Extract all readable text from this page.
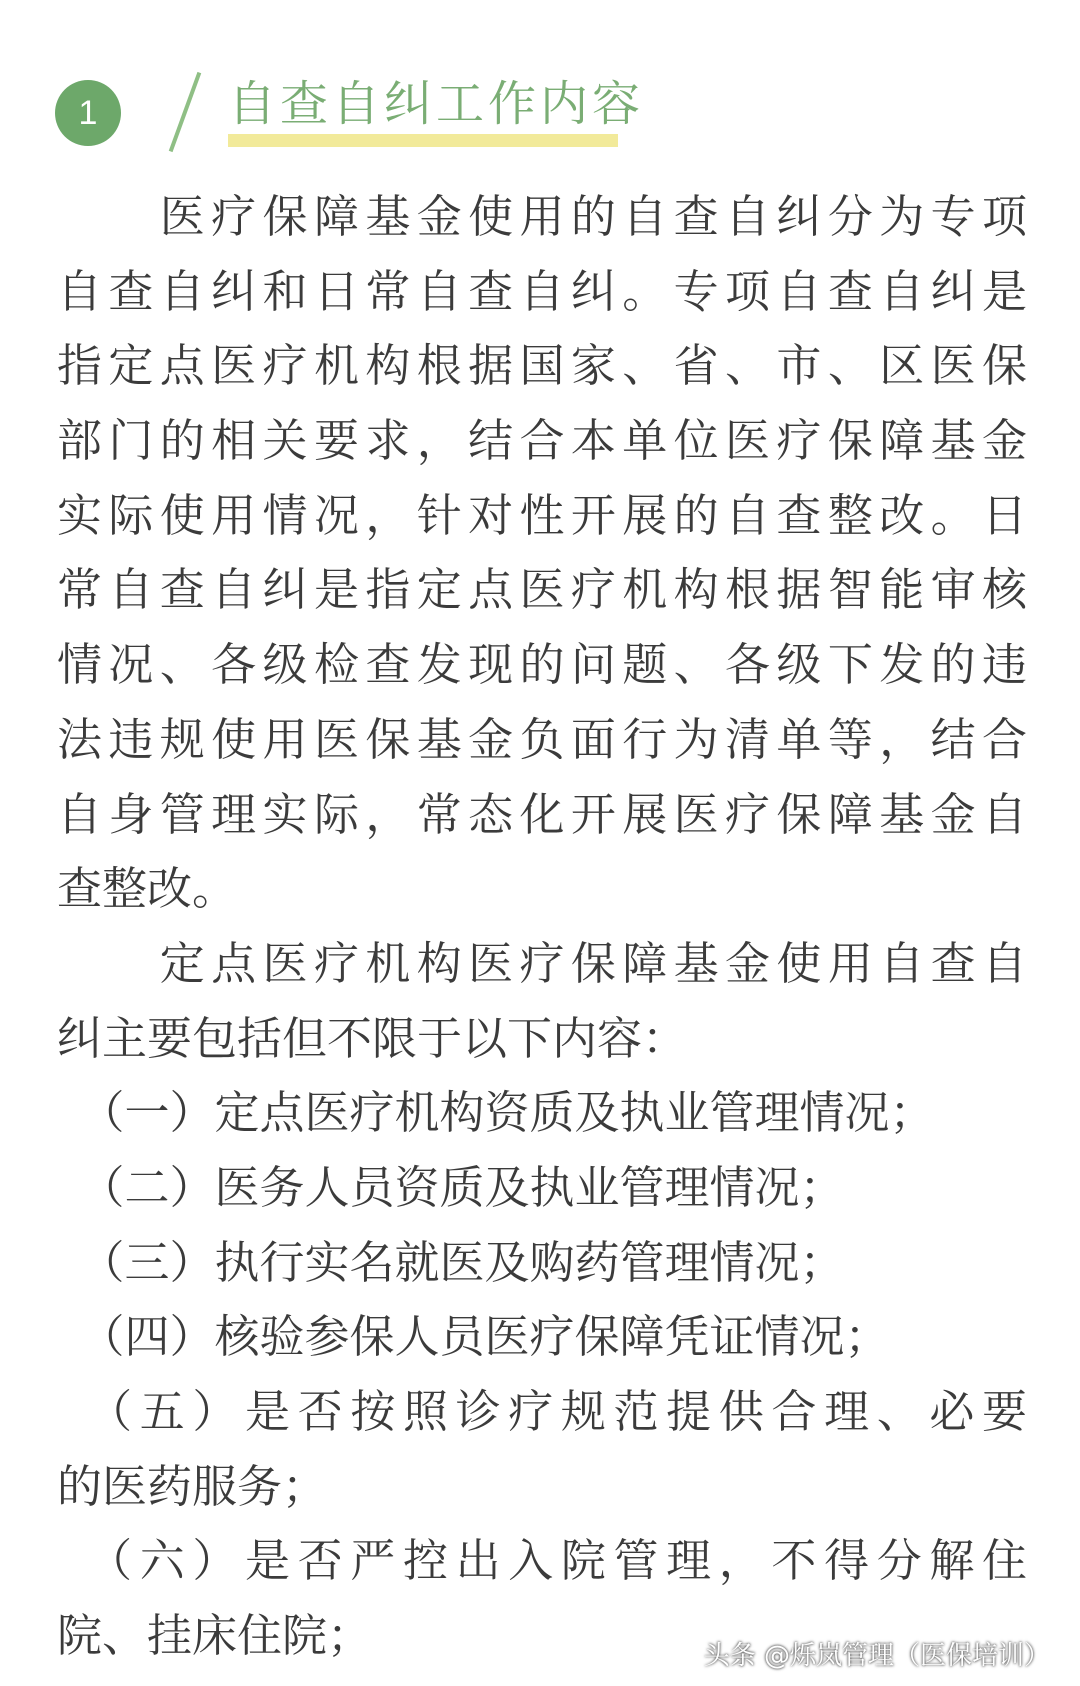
1	自查自纠工作内容
　　医疗保障基金使用的自查自纠分为专项
自查自纠和日常自查自纠。专项自查自纠是
指定点医疗机构根据国家、省、市、区医保
部门的相关要求，结合本单位医疗保障基金
实际使用情况，针对性开展的自查整改。日
常自查自纠是指定点医疗机构根据智能审核
情况、各级检查发现的问题、各级下发的违
法违规使用医保基金负面行为清单等，结合
自身管理实际，常态化开展医疗保障基金自
查整改。
　　定点医疗机构医疗保障基金使用自查自
纠主要包括但不限于以下内容：
　（一）定点医疗机构资质及执业管理情况；
　（二）医务人员资质及执业管理情况；
　（三）执行实名就医及购药管理情况；
　（四）核验参保人员医疗保障凭证情况；
　（五）是否按照诊疗规范提供合理、必要
的医药服务；
　（六）是否严控出入院管理，不得分解住
院、挂床住院；	头条 @烁岚管理（医保培训）
